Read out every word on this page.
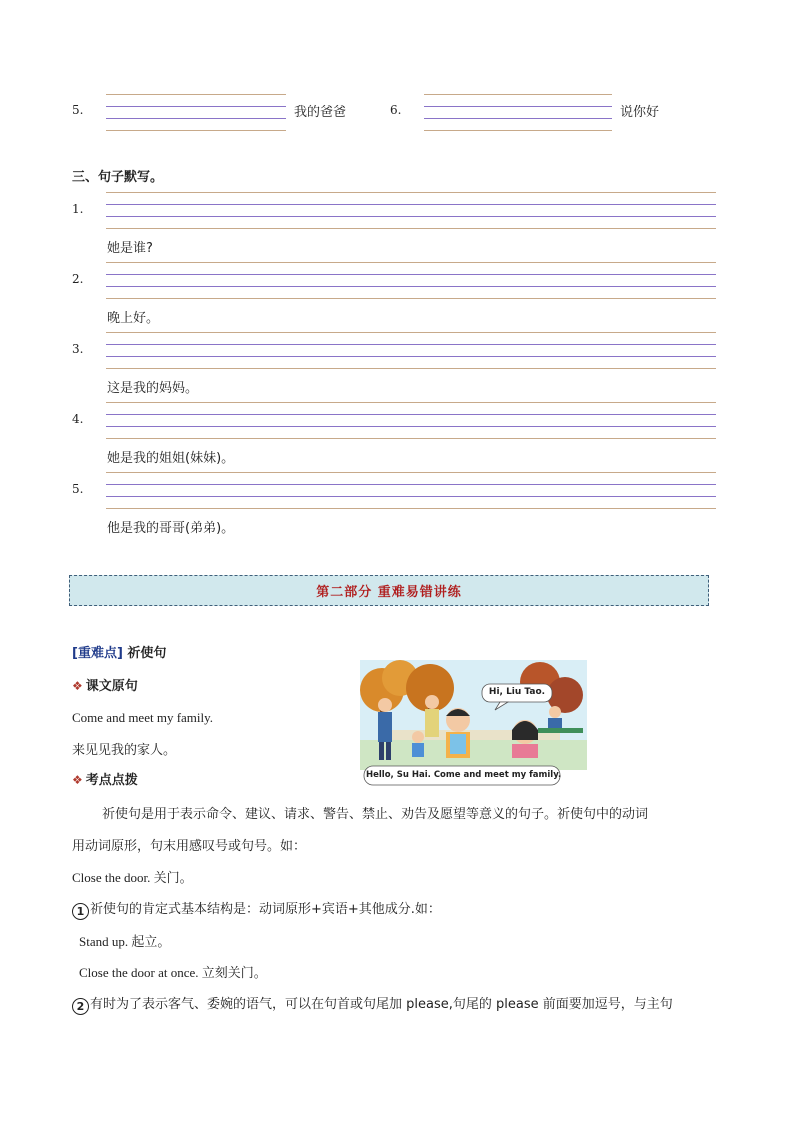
5.	我的爸爸	6.	说你好
三、句子默写。
1.
她是谁?
2.
晚上好。
3.
这是我的妈妈。
4.
她是我的姐姐(妹妹)。
5.
他是我的哥哥(弟弟)。
第二部分 重难易错讲练
[重难点] 祈使句
❖ 课文原句
Come and meet my family.
来见见我的家人。
❖ 考点点拨
祈使句是用于表示命令、建议、请求、警告、禁止、劝告及愿望等意义的句子。祈使句中的动词
用动词原形，句末用感叹号或句号。如：
Close the door. 关门。
1 祈使句的肯定式基本结构是：动词原形+宾语+其他成分.如：
Stand up. 起立。
Close the door at once. 立刻关门。
2 有时为了表示客气、委婉的语气，可以在句首或句尾加 please,句尾的 please 前面要加逗号，与主句
Hi, Liu Tao.
Hello, Su Hai. Come and meet my family.
